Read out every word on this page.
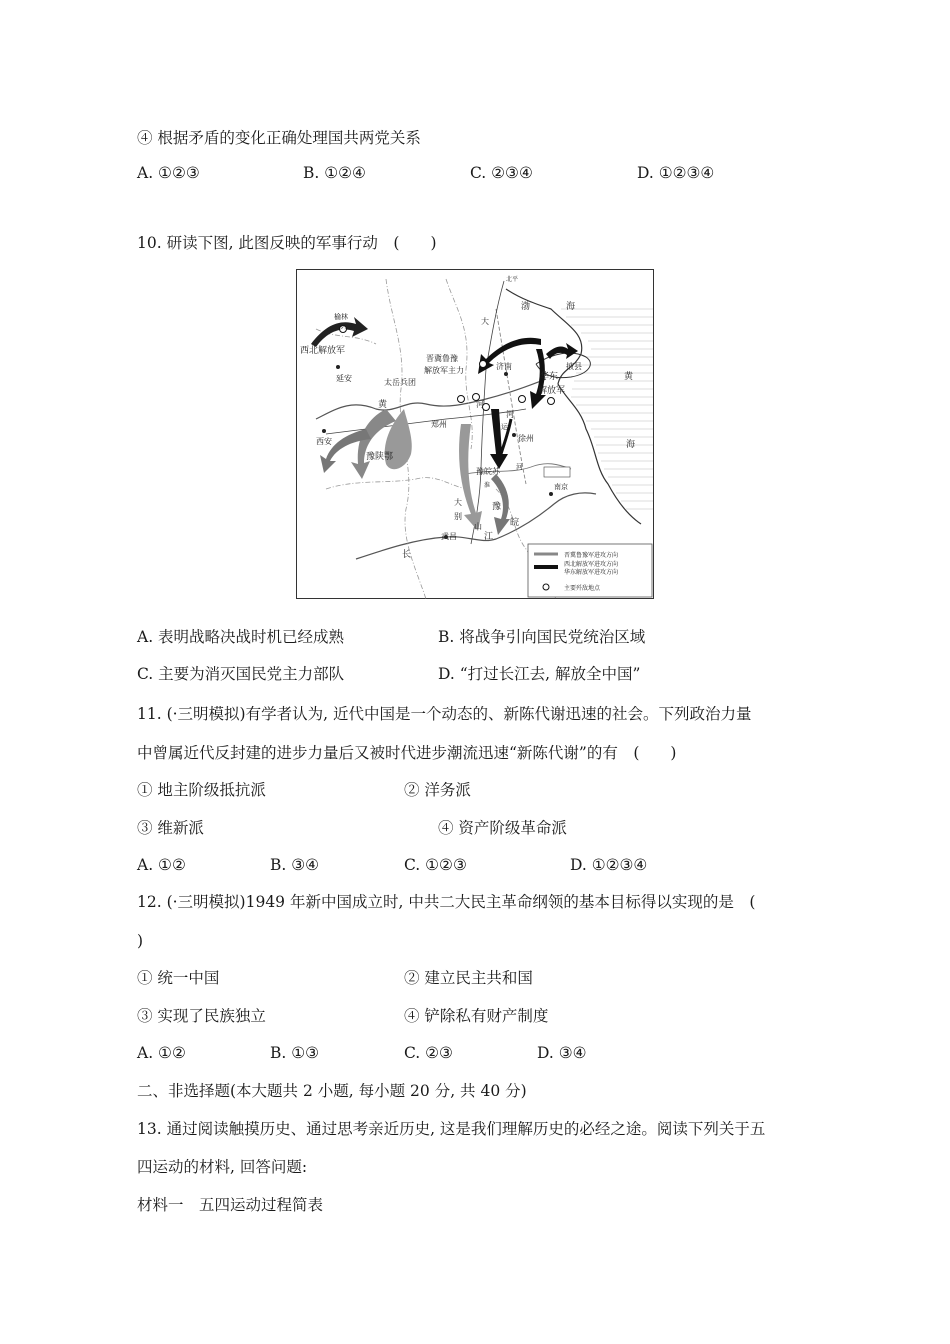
④ 根据矛盾的变化正确处理国共两党关系
A. ①②③	B. ①②④	C. ②③④	D. ①②③④
10. 研读下图, 此图反映的军事行动　(　　)
晋冀鲁豫军进攻方向
西北解放军进攻方向
华东解放军进攻方向
主要歼敌地点
北平
榆林
沙家店
西北解放军
延安	太岳兵团
晋冀鲁豫
解放军主力	济南
华东
解放军
掖县
渤	海
黄
海
西安
黄	河
郑州
徐州
豫陕鄂
豫皖苏
南京
武昌
大
别
山
豫
皖
长
江
运
河
大
淮
河
A. 表明战略决战时机已经成熟	B. 将战争引向国民党统治区域
C. 主要为消灭国民党主力部队	D. “打过长江去, 解放全中国”
11. (·三明模拟)有学者认为, 近代中国是一个动态的、新陈代谢迅速的社会。下列政治力量
中曾属近代反封建的进步力量后又被时代进步潮流迅速“新陈代谢”的有　(　　)
① 地主阶级抵抗派	② 洋务派
③ 维新派	④ 资产阶级革命派
A. ①②	B. ③④	C. ①②③	D. ①②③④
12. (·三明模拟)1949 年新中国成立时, 中共二大民主革命纲领的基本目标得以实现的是　(
)
① 统一中国	② 建立民主共和国
③ 实现了民族独立	④ 铲除私有财产制度
A. ①②	B. ①③	C. ②③	D. ③④
二、非选择题(本大题共 2 小题, 每小题 20 分, 共 40 分)
13. 通过阅读触摸历史、通过思考亲近历史, 这是我们理解历史的必经之途。阅读下列关于五
四运动的材料, 回答问题:
材料一　五四运动过程简表
